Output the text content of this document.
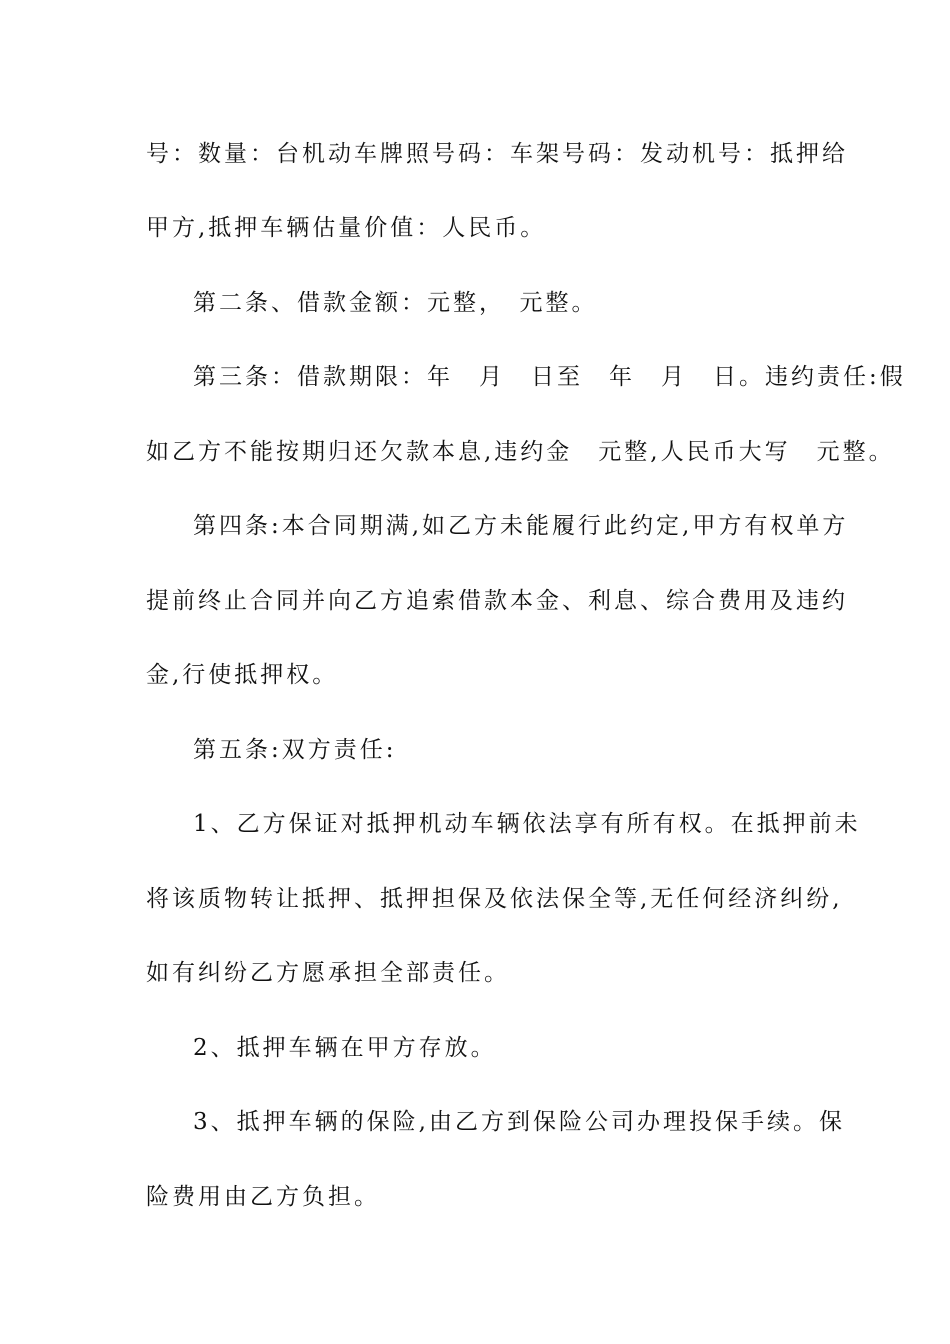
号：数量：台机动车牌照号码：车架号码：发动机号：抵押给
甲方,抵押车辆估量价值：人民币。
第二条、借款金额：元整，　元整。
第三条：借款期限：年　月　日至　年　月　日。违约责任:假
如乙方不能按期归还欠款本息,违约金　元整,人民币大写　元整。
第四条:本合同期满,如乙方未能履行此约定,甲方有权单方
提前终止合同并向乙方追索借款本金、利息、综合费用及违约
金,行使抵押权。
第五条:双方责任:
1、乙方保证对抵押机动车辆依法享有所有权。在抵押前未
将该质物转让抵押、抵押担保及依法保全等,无任何经济纠纷,
如有纠纷乙方愿承担全部责任。
2、抵押车辆在甲方存放。
3、抵押车辆的保险,由乙方到保险公司办理投保手续。保
险费用由乙方负担。
